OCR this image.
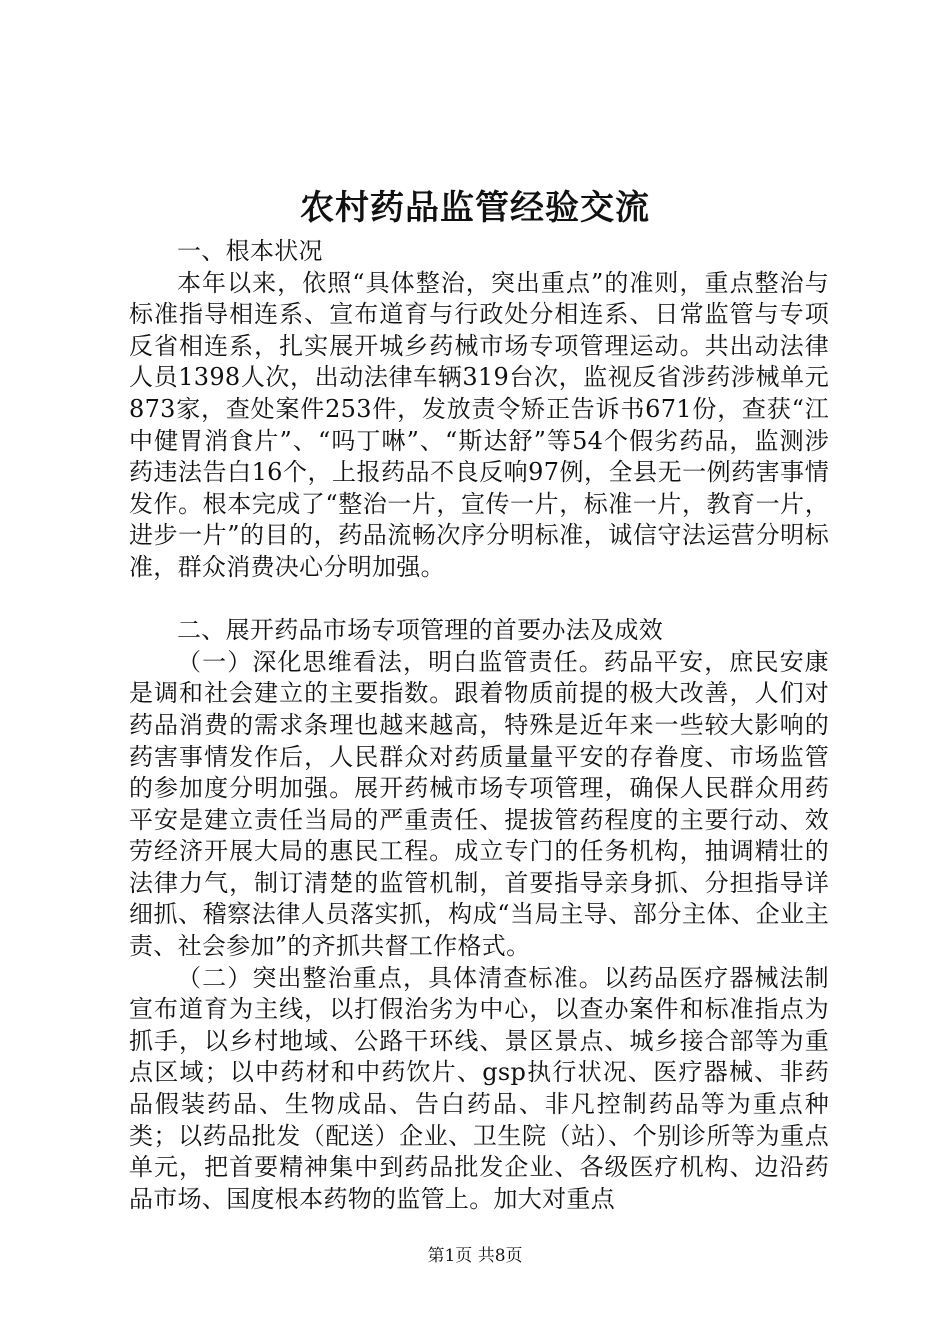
农村药品监管经验交流

一、根本状况

本年以来，依照“具体整治，突出重点”的准则，重点整治与标准指导相连系、宣布道育与行政处分相连系、日常监管与专项反省相连系，扎实展开城乡药械市场专项管理运动。共出动法律人员1398人次，出动法律车辆319台次，监视反省涉药涉械单元873家，查处案件253件，发放责令矫正告诉书671份，查获“江中健胃消食片”、“吗丁啉”、“斯达舒”等54个假劣药品，监测涉药违法告白16个，上报药品不良反响97例，全县无一例药害事情发作。根本完成了“整治一片，宣传一片，标准一片，教育一片，进步一片”的目的，药品流畅次序分明标准，诚信守法运营分明标准，群众消费决心分明加强。

二、展开药品市场专项管理的首要办法及成效

（一）深化思维看法，明白监管责任。药品平安，庶民安康是调和社会建立的主要指数。跟着物质前提的极大改善，人们对药品消费的需求条理也越来越高，特殊是近年来一些较大影响的药害事情发作后，人民群众对药质量量平安的存眷度、市场监管的参加度分明加强。展开药械市场专项管理，确保人民群众用药平安是建立责任当局的严重责任、提拔管药程度的主要行动、效劳经济开展大局的惠民工程。成立专门的任务机构，抽调精壮的法律力气，制订清楚的监管机制，首要指导亲身抓、分担指导详细抓、稽察法律人员落实抓，构成“当局主导、部分主体、企业主责、社会参加”的齐抓共督工作格式。

（二）突出整治重点，具体清查标准。以药品医疗器械法制宣布道育为主线，以打假治劣为中心，以查办案件和标准指点为抓手，以乡村地域、公路干环线、景区景点、城乡接合部等为重点区域；以中药材和中药饮片、gsp执行状况、医疗器械、非药品假装药品、生物成品、告白药品、非凡控制药品等为重点种类；以药品批发（配送）企业、卫生院（站）、个别诊所等为重点单元，把首要精神集中到药品批发企业、各级医疗机构、边沿药品市场、国度根本药物的监管上。加大对重点

第1页 共8页
